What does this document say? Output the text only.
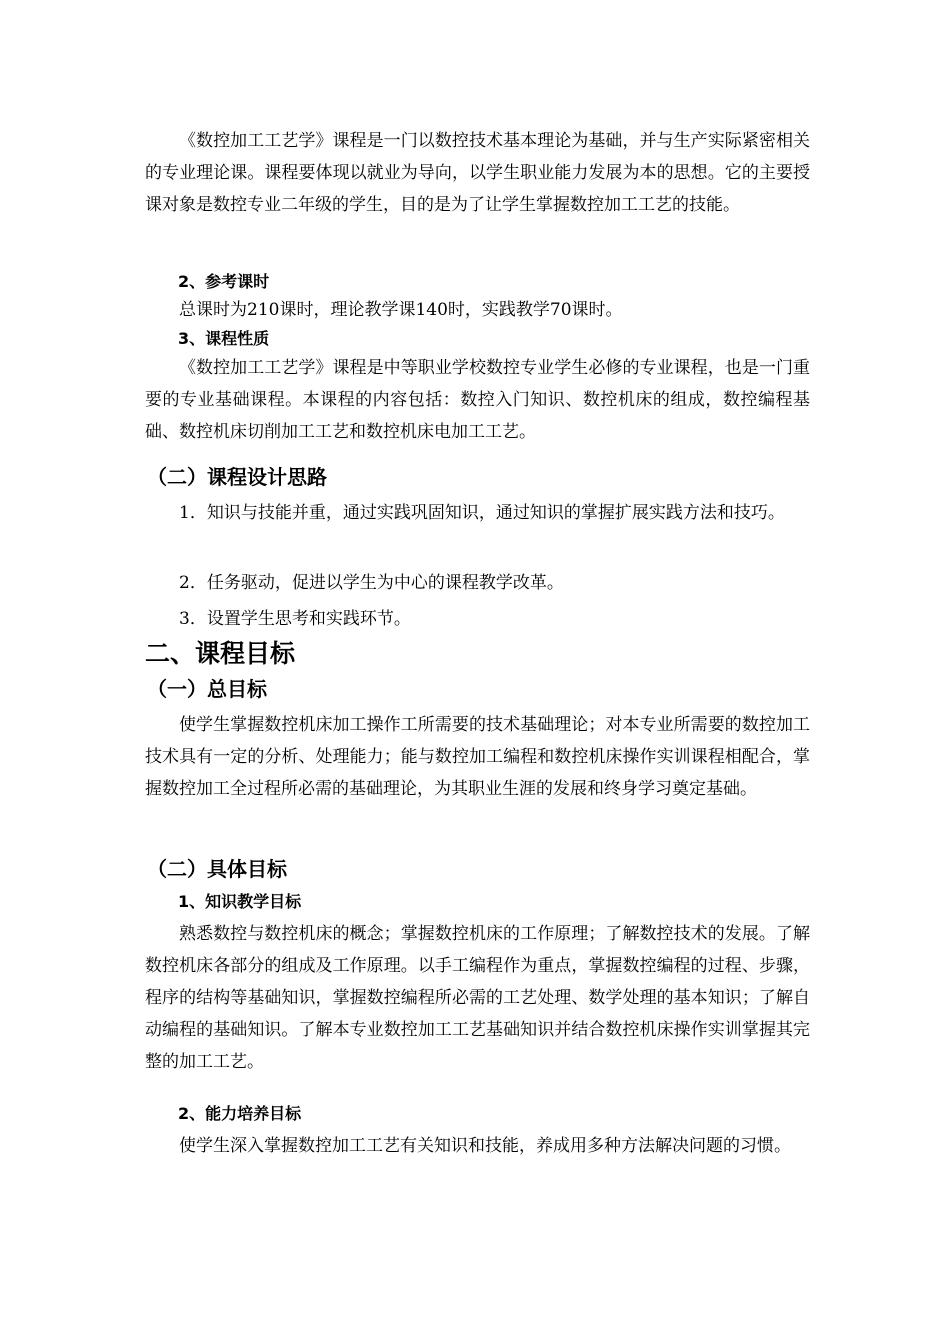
《数控加工工艺学》课程是一门以数控技术基本理论为基础，并与生产实际紧密相关的专业理论课。课程要体现以就业为导向，以学生职业能力发展为本的思想。它的主要授课对象是数控专业二年级的学生，目的是为了让学生掌握数控加工工艺的技能。

2、参考课时

总课时为210课时，理论教学课140时，实践教学70课时。

3、课程性质

《数控加工工艺学》课程是中等职业学校数控专业学生必修的专业课程，也是一门重要的专业基础课程。本课程的内容包括：数控入门知识、数控机床的组成，数控编程基础、数控机床切削加工工艺和数控机床电加工工艺。

（二）课程设计思路

1．知识与技能并重，通过实践巩固知识，通过知识的掌握扩展实践方法和技巧。

2．任务驱动，促进以学生为中心的课程教学改革。

3．设置学生思考和实践环节。

二、课程目标
（一）总目标

使学生掌握数控机床加工操作工所需要的技术基础理论；对本专业所需要的数控加工技术具有一定的分析、处理能力；能与数控加工编程和数控机床操作实训课程相配合，掌握数控加工全过程所必需的基础理论，为其职业生涯的发展和终身学习奠定基础。

（二）具体目标
1、知识教学目标

熟悉数控与数控机床的概念；掌握数控机床的工作原理；了解数控技术的发展。了解数控机床各部分的组成及工作原理。以手工编程作为重点，掌握数控编程的过程、步骤，程序的结构等基础知识，掌握数控编程所必需的工艺处理、数学处理的基本知识；了解自动编程的基础知识。了解本专业数控加工工艺基础知识并结合数控机床操作实训掌握其完整的加工工艺。

2、能力培养目标

使学生深入掌握数控加工工艺有关知识和技能，养成用多种方法解决问题的习惯。
